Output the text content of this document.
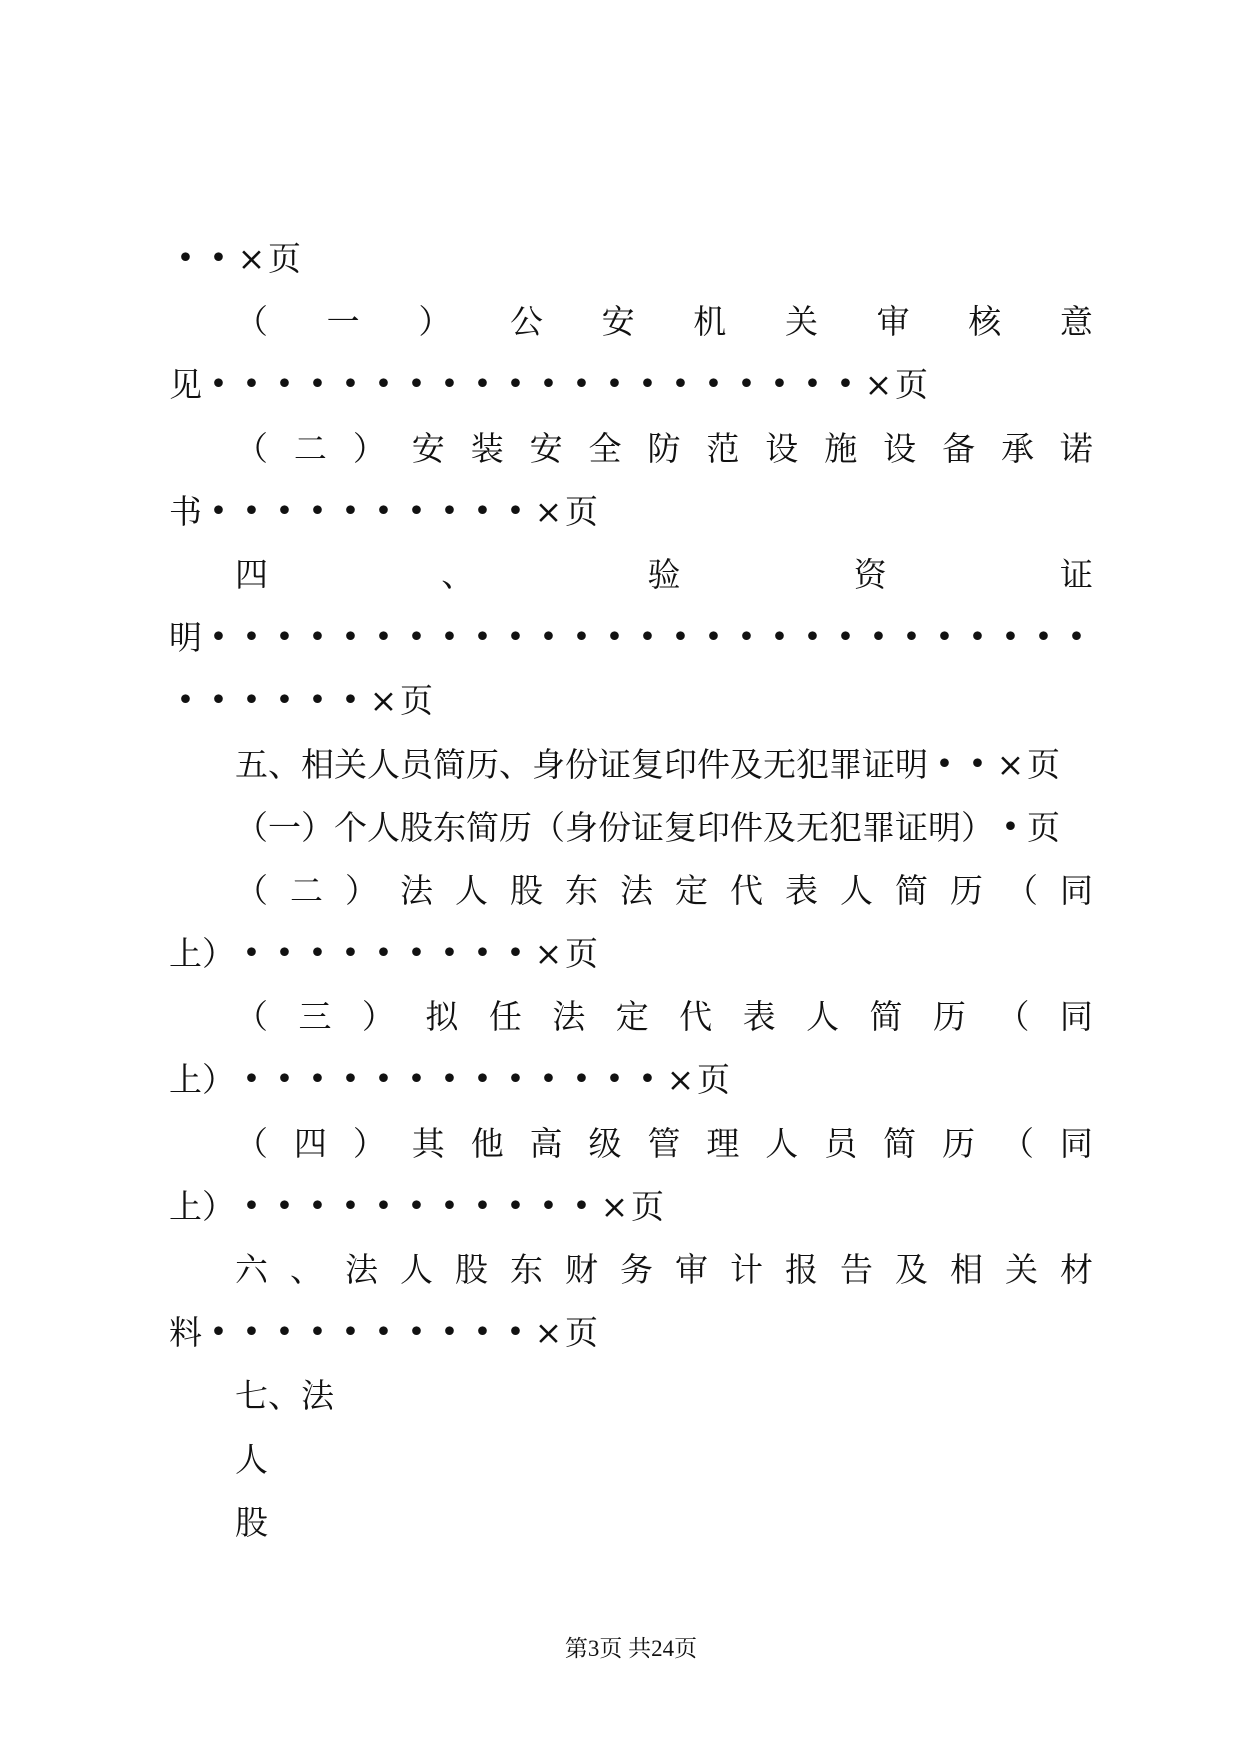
• • × 页
（ 一 ） 公 安 机 关 审 核 意
见 • • • • • • • • • • • • • • • • • • • • × 页
（ 二 ） 安 装 安 全 防 范 设 施 设 备 承 诺
书 • • • • • • • • • • × 页
四	、	验	资	证
明 • • • • • • • • • • • • • • • • • • • • • • • • • • •
• • • • • • × 页
五 、 相 关 人 员 简 历 、 身 份 证 复 印 件 及 无 犯 罪 证 明 • • × 页
（ 一 ） 个 人 股 东 简 历 （ 身 份 证 复 印 件 及 无 犯 罪 证 明 ） • 页
（ 二 ） 法 人 股 东 法 定 代 表 人 简 历 （ 同
上 ） • • • • • • • • • × 页
（ 三 ） 拟 任 法 定 代 表 人 简 历 （ 同
上 ） • • • • • • • • • • • • • × 页
（ 四 ） 其 他 高 级 管 理 人 员 简 历 （ 同
上 ） • • • • • • • • • • • × 页
六 、 法 人 股 东 财 务 审 计 报 告 及 相 关 材
料 • • • • • • • • • • × 页
七 、 法
人
股
第3页 共24页
